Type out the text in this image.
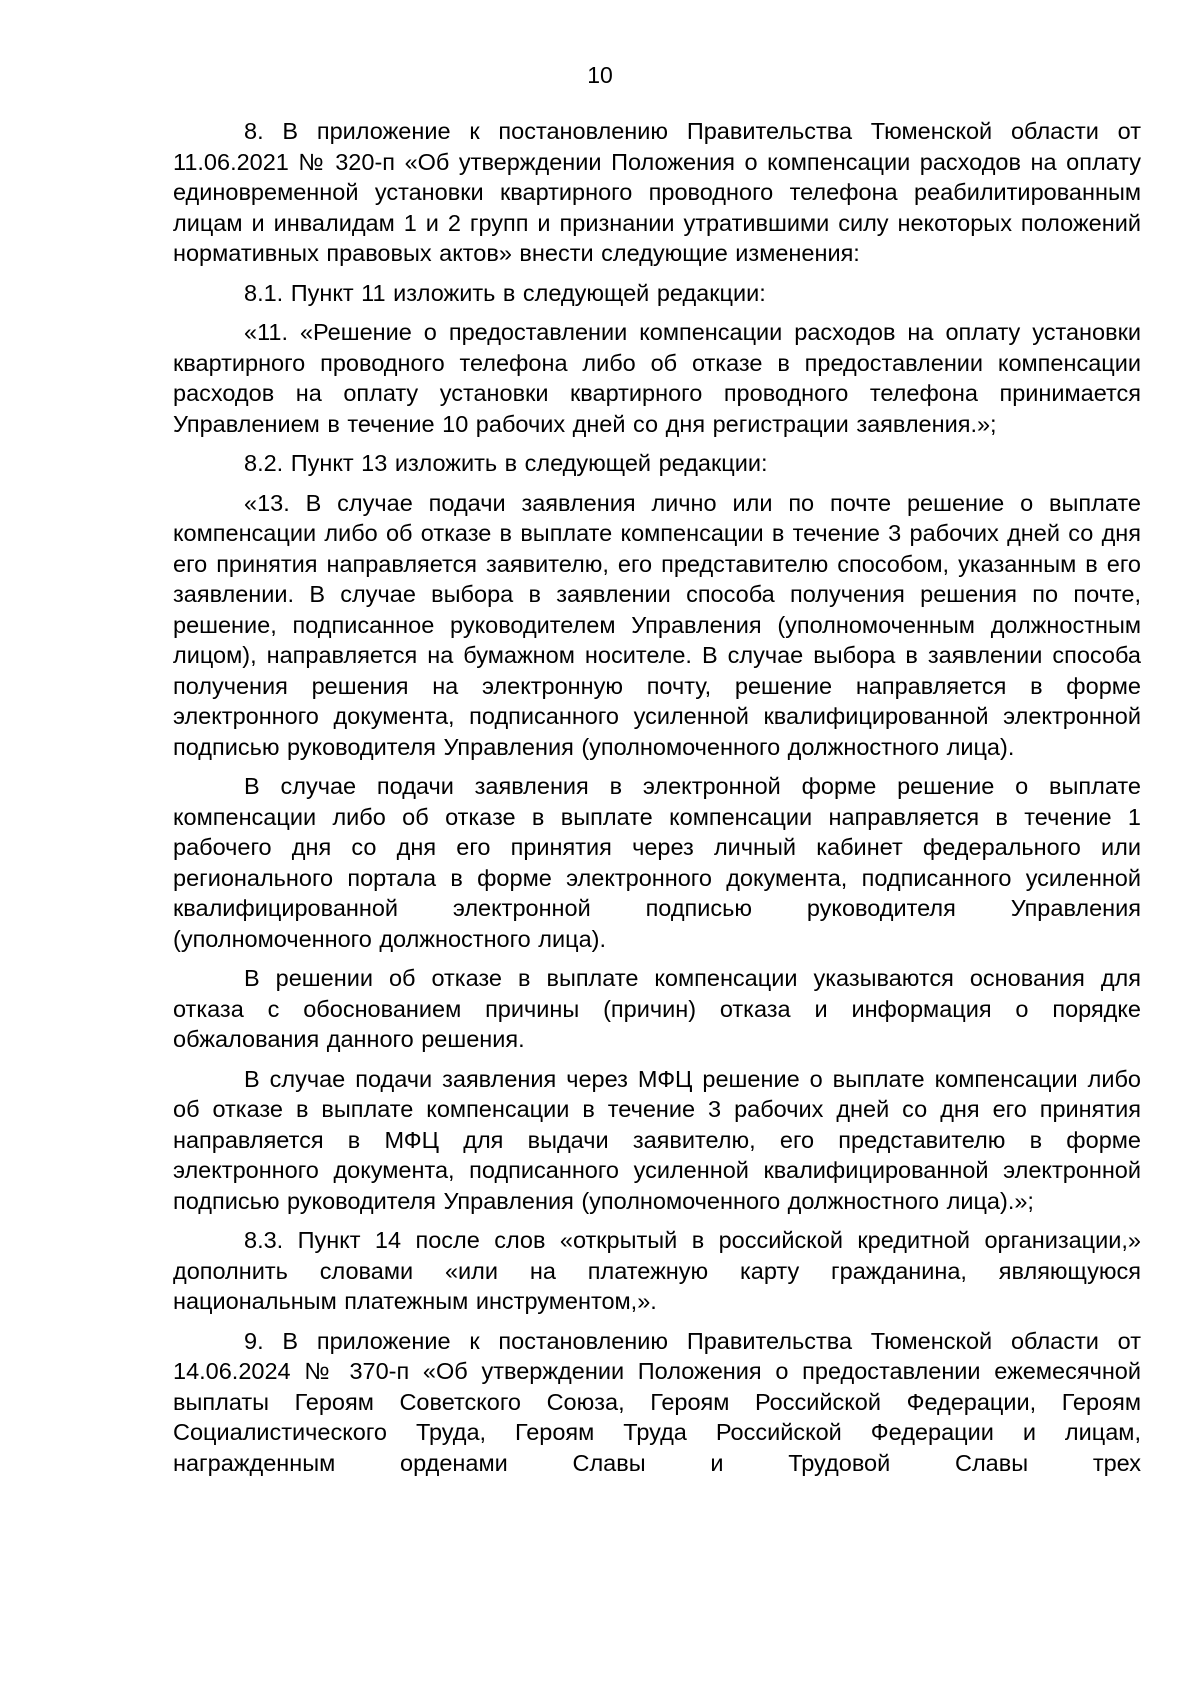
10

8. В приложение к постановлению Правительства Тюменской области от 11.06.2021 № 320-п «Об утверждении Положения о компенсации расходов на оплату единовременной установки квартирного проводного телефона реабилитированным лицам и инвалидам 1 и 2 групп и признании утратившими силу некоторых положений нормативных правовых актов» внести следующие изменения:

8.1. Пункт 11 изложить в следующей редакции:

«11. «Решение о предоставлении компенсации расходов на оплату установки квартирного проводного телефона либо об отказе в предоставлении компенсации расходов на оплату установки квартирного проводного телефона принимается Управлением в течение 10 рабочих дней со дня регистрации заявления.»;

8.2. Пункт 13 изложить в следующей редакции:

«13. В случае подачи заявления лично или по почте решение о выплате компенсации либо об отказе в выплате компенсации в течение 3 рабочих дней со дня его принятия направляется заявителю, его представителю способом, указанным в его заявлении. В случае выбора в заявлении способа получения решения по почте, решение, подписанное руководителем Управления (уполномоченным должностным лицом), направляется на бумажном носителе. В случае выбора в заявлении способа получения решения на электронную почту, решение направляется в форме электронного документа, подписанного усиленной квалифицированной электронной подписью руководителя Управления (уполномоченного должностного лица).

В случае подачи заявления в электронной форме решение о выплате компенсации либо об отказе в выплате компенсации направляется в течение 1 рабочего дня со дня его принятия через личный кабинет федерального или регионального портала в форме электронного документа, подписанного усиленной квалифицированной электронной подписью руководителя Управления (уполномоченного должностного лица).

В решении об отказе в выплате компенсации указываются основания для отказа с обоснованием причины (причин) отказа и информация о порядке обжалования данного решения.

В случае подачи заявления через МФЦ решение о выплате компенсации либо об отказе в выплате компенсации в течение 3 рабочих дней со дня его принятия направляется в МФЦ для выдачи заявителю, его представителю в форме электронного документа, подписанного усиленной квалифицированной электронной подписью руководителя Управления (уполномоченного должностного лица).»;

8.3. Пункт 14 после слов «открытый в российской кредитной организации,» дополнить словами «или на платежную карту гражданина, являющуюся национальным платежным инструментом,».

9. В приложение к постановлению Правительства Тюменской области от 14.06.2024 № 370-п «Об утверждении Положения о предоставлении ежемесячной выплаты Героям Советского Союза, Героям Российской Федерации, Героям Социалистического Труда, Героям Труда Российской Федерации и лицам, награжденным орденами Славы и Трудовой Славы трех
